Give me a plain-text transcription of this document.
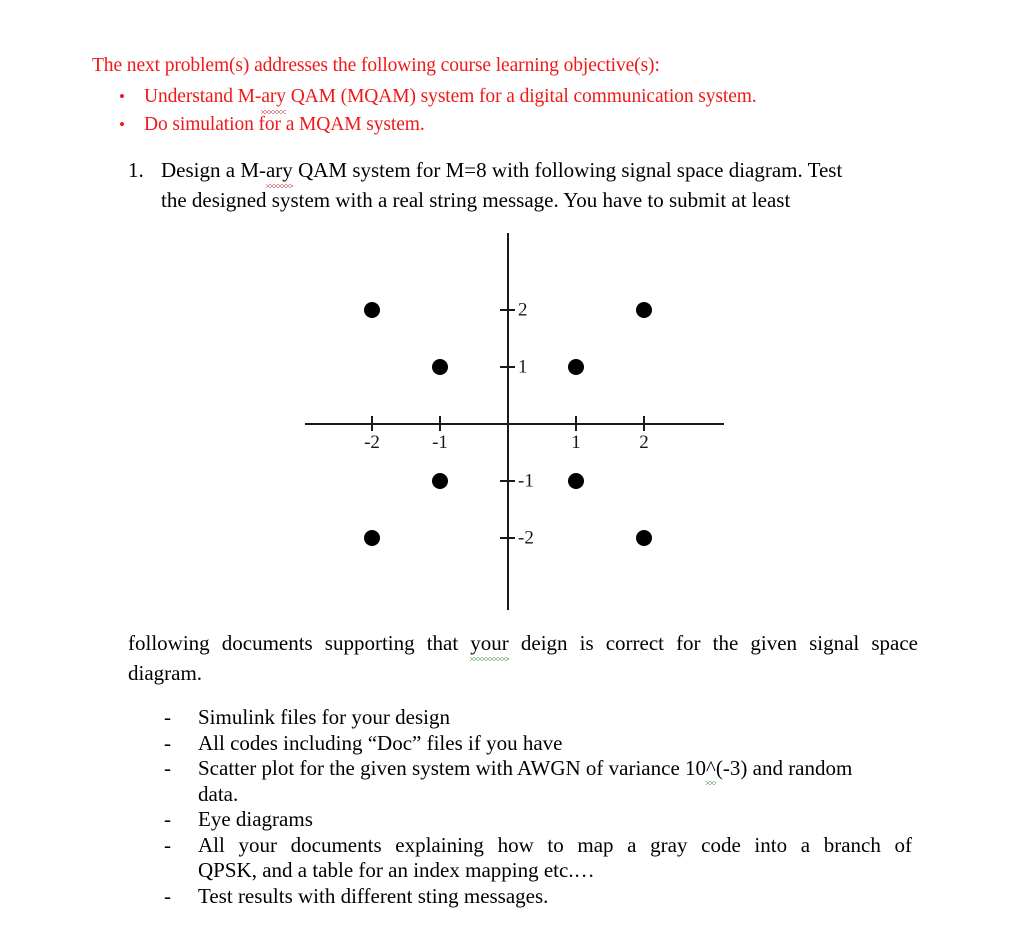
The next problem(s) addresses the following course learning objective(s):
• Understand M-ary QAM (MQAM) system for a digital communication system.
• Do simulation for a MQAM system.
1. Design a M-ary QAM system for M=8 with following signal space diagram. Test
the designed system with a real string message. You have to submit at least
-2	-1	1	2
2
1
-1
-2
following documents supporting that your deign is correct for the given signal space
diagram.
- Simulink files for your design
- All codes including “Doc” files if you have
- Scatter plot for the given system with AWGN of variance 10^(-3) and random
data.
- Eye diagrams
- All your documents explaining how to map a gray code into a branch of
QPSK, and a table for an index mapping etc.…
- Test results with different sting messages.
